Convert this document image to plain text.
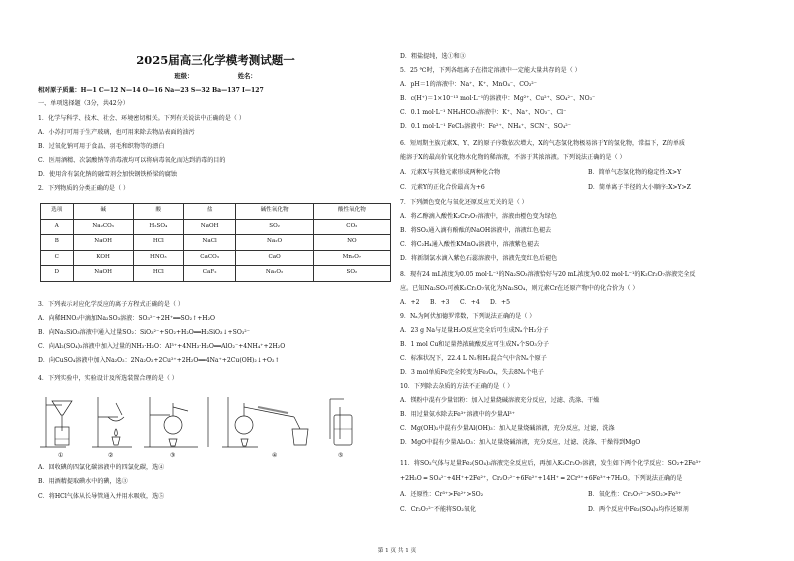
2025届高三化学模考测试题一
班级：	姓名：
相对原子质量：H—1 C—12 N—14 O—16 Na—23 S—32 Ba—137 I—127
一、单项选择题（3分，共42分）
1．化学与科学、技术、社会、环境密切相关。下列有关说法中正确的是（ ）
A．小苏打可用于生产玻璃，也可用来除去物品表面的油污
B．过氧化钠可用于食品、羽毛和织物等的漂白
C．医用酒精、次氯酸钠等消毒液均可以将病毒氧化而达到消毒的目的
D．使用含有氯化钠的融雪剂会加快钢铁桥梁的腐蚀
2．下列物质的分类正确的是（ ）
选项	碱	酸	盐	碱性氧化物	酸性氧化物
A	Na₂CO₃	H₂SO₄	NaOH	SO₂	CO₂
B	NaOH	HCl	NaCl	Na₂O	NO
C	KOH	HNO₃	CaCO₃	CaO	Mn₂O₇
D	NaOH	HCl	CaF₂	Na₂O₂	SO₂
3．下列表示对应化学反应的离子方程式正确的是（ ）
A．向稀HNO₃中滴加Na₂SO₃溶液：SO₃²⁻+2H⁺══SO₂↑+H₂O
B．向Na₂SiO₃溶液中通入过量SO₂：SiO₃²⁻+SO₂+H₂O══H₂SiO₃↓+SO₃²⁻
C．向Al₂(SO₄)₃溶液中加入过量的NH₃·H₂O：Al³⁺+4NH₃·H₂O══AlO₂⁻+4NH₄⁺+2H₂O
D．向CuSO₄溶液中加入Na₂O₂：2Na₂O₂+2Cu²⁺+2H₂O══4Na⁺+2Cu(OH)₂↓+O₂↑
4．下列实验中，实验设计及所选装置合理的是（ ）
①	②	③	④	⑤
A．回收碘的四氯化碳溶液中的四氯化碳，选④
B．用酒精提取碘水中的碘，选③
C．将HCl气体从长导管通入并用水吸收，选⑤
D．粗盐提纯，选①和③
5．25 ℃时，下列各组离子在指定溶液中一定能大量共存的是（ ）
A．pH＝1的溶液中：Na⁺、K⁺、MnO₄⁻、CO₃²⁻
B．c(H⁺)＝1×10⁻¹³ mol·L⁻¹的溶液中：Mg²⁺、Cu²⁺、SO₄²⁻、NO₃⁻
C．0.1 mol·L⁻¹ NH₄HCO₃溶液中：K⁺、Na⁺、NO₃⁻、Cl⁻
D．0.1 mol·L⁻¹ FeCl₃溶液中：Fe²⁺、NH₄⁺、SCN⁻、SO₄²⁻
6．短周期主族元素X、Y、Z的原子序数依次增大，X的气态氢化物极易溶于Y的氢化物，常温下，Z的单质
能溶于X的最高价氧化物水化物的稀溶液，不溶于其浓溶液。下列说法正确的是（ ）
A．元素X与其他元素形成两种化合物	B．简单气态氢化物的稳定性:X>Y
C．元素Y的正化合价最高为+6	D．简单离子半径的大小顺序:X>Y>Z
7．下列颜色变化与氧化还原反应无关的是（ ）
A．将乙醇滴入酸性K₂Cr₂O₇溶液中，溶液由橙色变为绿色
B．将SO₂通入滴有酚酞的NaOH溶液中，溶液红色褪去
C．将C₂H₄通入酸性KMnO₄溶液中，溶液紫色褪去
D．将新制氯水滴入紫色石蕊溶液中，溶液先变红色后褪色
8．现有24 mL浓度为0.05 mol·L⁻¹的Na₂SO₃溶液恰好与20 mL浓度为0.02 mol·L⁻¹的K₂Cr₂O₇溶液完全反
应。已知Na₂SO₃可被K₂Cr₂O₇氧化为Na₂SO₄，则元素Cr在还原产物中的化合价为（ ）
A．+2 B．+3 C．+4 D．+5
9．Nₐ为阿伏加德罗常数，下列说法正确的是（ ）
A．23 g Na与足量H₂O反应完全后可生成Nₐ个H₂分子
B．1 mol Cu和足量热浓硫酸反应可生成Nₐ个SO₃分子
C．标准状况下，22.4 L N₂和H₂混合气中含Nₐ个原子
D．3 mol单质Fe完全转变为Fe₃O₄，失去8Nₐ个电子
10．下列除去杂质的方法不正确的是（ ）
A．镁粉中混有少量铝粉：加入过量烧碱溶液充分反应，过滤、洗涤、干燥
B．用过量氨水除去Fe³⁺溶液中的少量Al³⁺
C．Mg(OH)₂中混有少量Al(OH)₃：加入足量烧碱溶液，充分反应，过滤，洗涤
D．MgO中混有少量Al₂O₃：加入足量烧碱溶液，充分反应，过滤、洗涤、干燥得到MgO
11．将SO₂气体与足量Fe₂(SO₄)₃溶液完全反应后，再加入K₂Cr₂O₇溶液，发生如下两个化学反应：SO₂+2Fe³⁺
+2H₂O ═ SO₄²⁻+4H⁺+2Fe²⁺，Cr₂O₇²⁻+6Fe²⁺+14H⁺ ═ 2Cr³⁺+6Fe³⁺+7H₂O。下列说法正确的是
A．还原性：Cr³⁺>Fe²⁺>SO₂	B．氧化性：Cr₂O₇²⁻>SO₂>Fe³⁺
C．Cr₂O₇²⁻不能将SO₂氧化	D．两个反应中Fe₂(SO₄)₃均作还原剂
第 1 页 共 1 页
